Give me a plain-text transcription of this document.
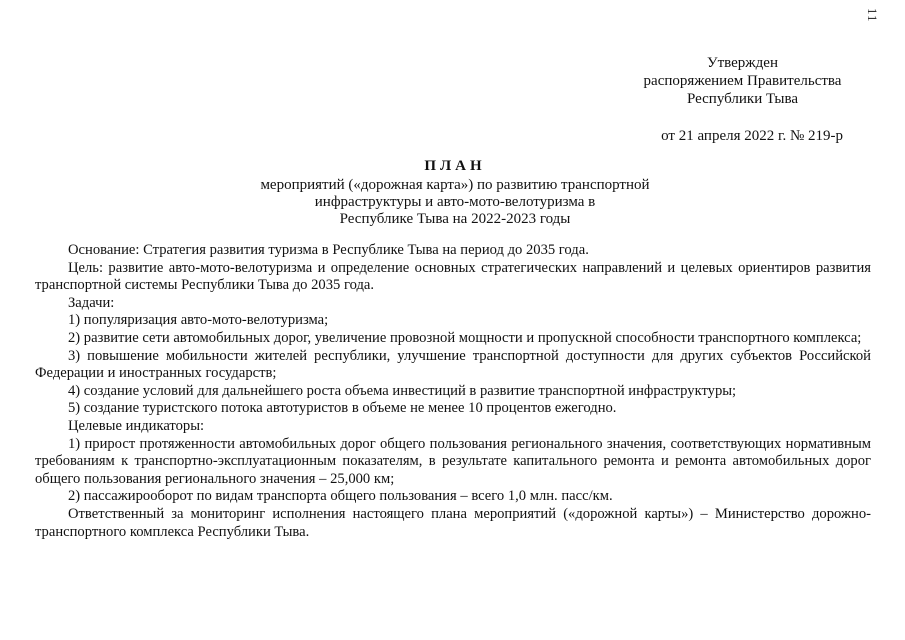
11
Утвержден
распоряжением Правительства
Республики Тыва
от 21 апреля 2022 г. № 219-р
ПЛАН
мероприятий («дорожная карта») по развитию транспортной
инфраструктуры и авто-мото-велотуризма в
Республике Тыва на 2022-2023 годы

Основание: Стратегия развития туризма в Республике Тыва на период до 2035 года.

Цель: развитие авто-мото-велотуризма и определение основных стратегических направлений и целевых ориентиров развития транспортной системы Республики Тыва до 2035 года.

Задачи:

1) популяризация авто-мото-велотуризма;

2) развитие сети автомобильных дорог, увеличение провозной мощности и пропускной способности транспортного комплекса;

3) повышение мобильности жителей республики, улучшение транспортной доступности для других субъектов Российской Федерации и иностранных государств;

4) создание условий для дальнейшего роста объема инвестиций в развитие транспортной инфраструктуры;

5) создание туристского потока автотуристов в объеме не менее 10 процентов ежегодно.

Целевые индикаторы:

1) прирост протяженности автомобильных дорог общего пользования регионального значения, соответствующих нормативным требованиям к транспортно-эксплуатационным показателям, в результате капитального ремонта и ремонта автомобильных дорог общего пользования регионального значения – 25,000 км;

2) пассажирооборот по видам транспорта общего пользования – всего 1,0 млн. пасс/км.

Ответственный за мониторинг исполнения настоящего плана мероприятий («дорожной карты») – Министерство дорожно-транспортного комплекса Республики Тыва.
